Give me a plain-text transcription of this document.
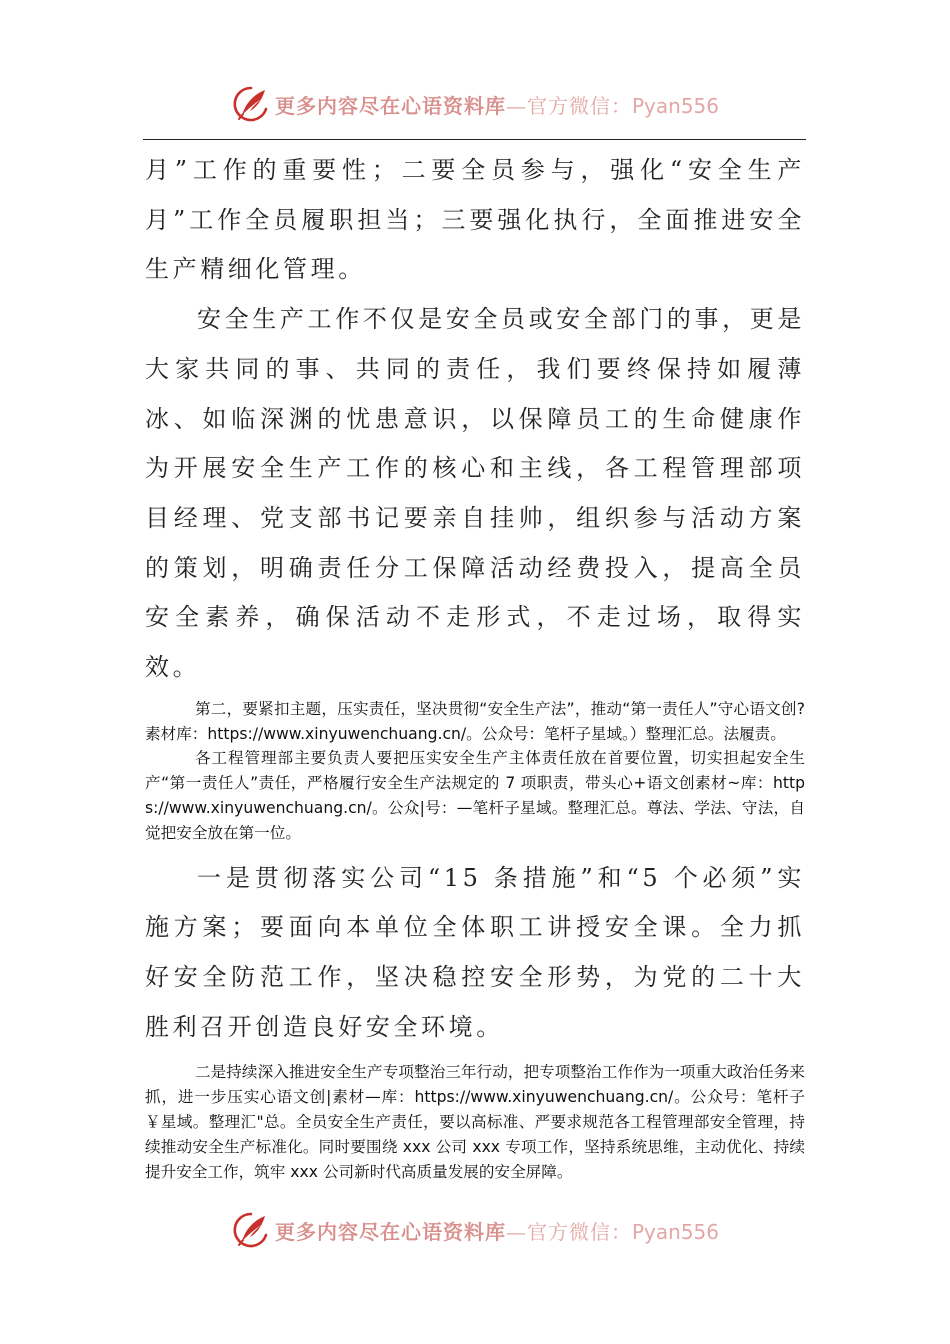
更多内容尽在心语资料库—官方微信：Pyan556

月”工作的重要性；二要全员参与，强化“安全生产月”工作全员履职担当；三要强化执行，全面推进安全生产精细化管理。

安全生产工作不仅是安全员或安全部门的事，更是大家共同的事、共同的责任，我们要终保持如履薄冰、如临深渊的忧患意识，以保障员工的生命健康作为开展安全生产工作的核心和主线，各工程管理部项目经理、党支部书记要亲自挂帅，组织参与活动方案的策划，明确责任分工保障活动经费投入，提高全员安全素养，确保活动不走形式，不走过场，取得实效。

第二，要紧扣主题，压实责任，坚决贯彻“安全生产法”，推动“第一责任人”守心语文创?素材库：https://www.xinyuwenchuang.cn/。公众号：笔杆子星域。）整理汇总。法履责。

各工程管理部主要负责人要把压实安全生产主体责任放在首要位置，切实担起安全生产“第一责任人”责任，严格履行安全生产法规定的 7 项职责，带头心+语文创素材~库：https://www.xinyuwenchuang.cn/。公众|号：—笔杆子星域。整理汇总。尊法、学法、守法，自觉把安全放在第一位。

一是贯彻落实公司“15 条措施”和“5 个必须”实施方案；要面向本单位全体职工讲授安全课。全力抓好安全防范工作，坚决稳控安全形势，为党的二十大胜利召开创造良好安全环境。

二是持续深入推进安全生产专项整治三年行动，把专项整治工作作为一项重大政治任务来抓，进一步压实心语文创|素材—库：https://www.xinyuwenchuang.cn/。公众号：笔杆子￥星域。整理汇"总。全员安全生产责任，要以高标准、严要求规范各工程管理部安全管理，持续推动安全生产标准化。同时要围绕 xxx 公司 xxx 专项工作，坚持系统思维，主动优化、持续提升安全工作，筑牢 xxx 公司新时代高质量发展的安全屏障。

更多内容尽在心语资料库—官方微信：Pyan556
